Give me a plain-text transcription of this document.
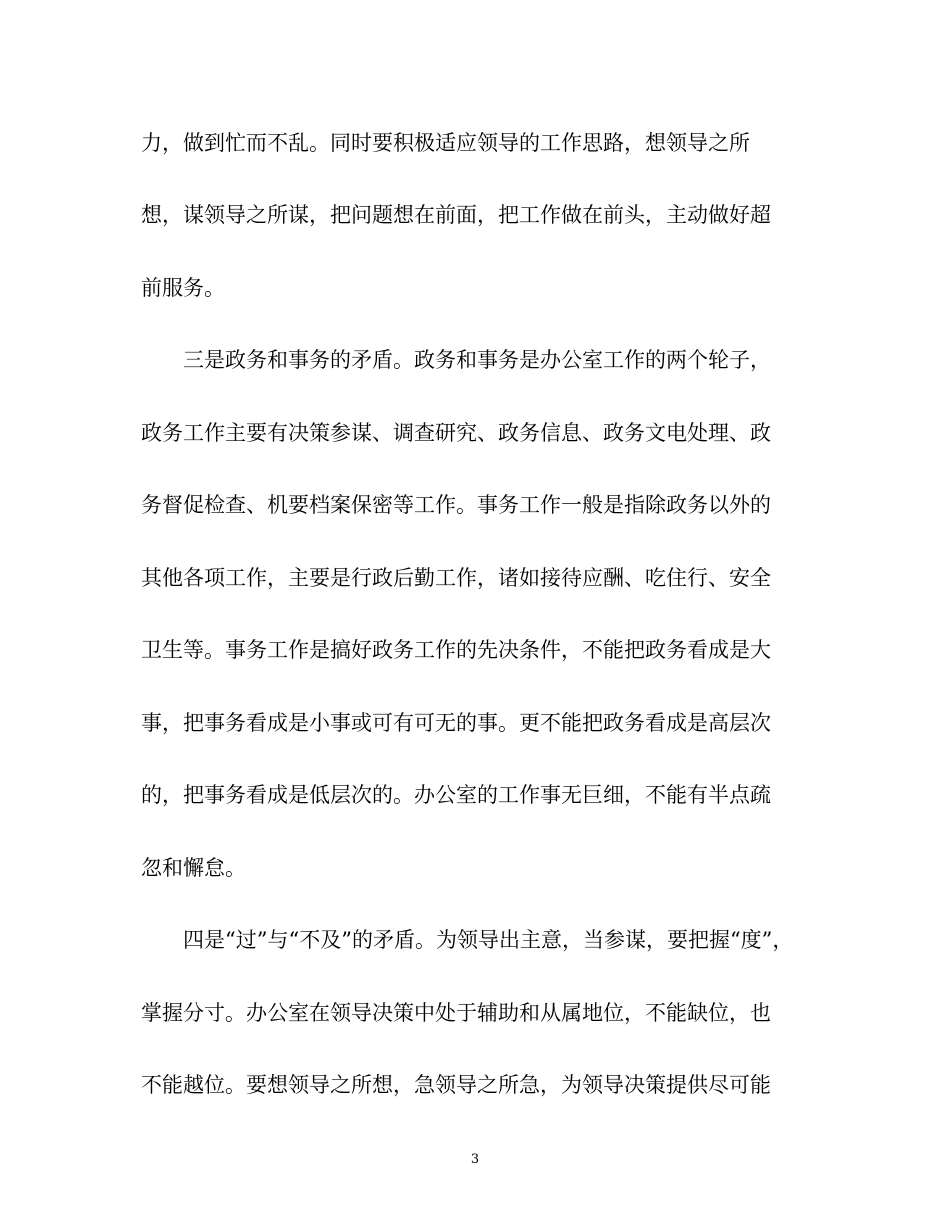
力，做到忙而不乱。同时要积极适应领导的工作思路，想领导之所
想，谋领导之所谋，把问题想在前面，把工作做在前头，主动做好超
前服务。
　　三是政务和事务的矛盾。政务和事务是办公室工作的两个轮子，
政务工作主要有决策参谋、调查研究、政务信息、政务文电处理、政
务督促检查、机要档案保密等工作。事务工作一般是指除政务以外的
其他各项工作，主要是行政后勤工作，诸如接待应酬、吃住行、安全
卫生等。事务工作是搞好政务工作的先决条件，不能把政务看成是大
事，把事务看成是小事或可有可无的事。更不能把政务看成是高层次
的，把事务看成是低层次的。办公室的工作事无巨细，不能有半点疏
忽和懈怠。
　　四是“过”与“不及”的矛盾。为领导出主意，当参谋，要把握“度”，
掌握分寸。办公室在领导决策中处于辅助和从属地位，不能缺位，也
不能越位。要想领导之所想，急领导之所急，为领导决策提供尽可能
3
